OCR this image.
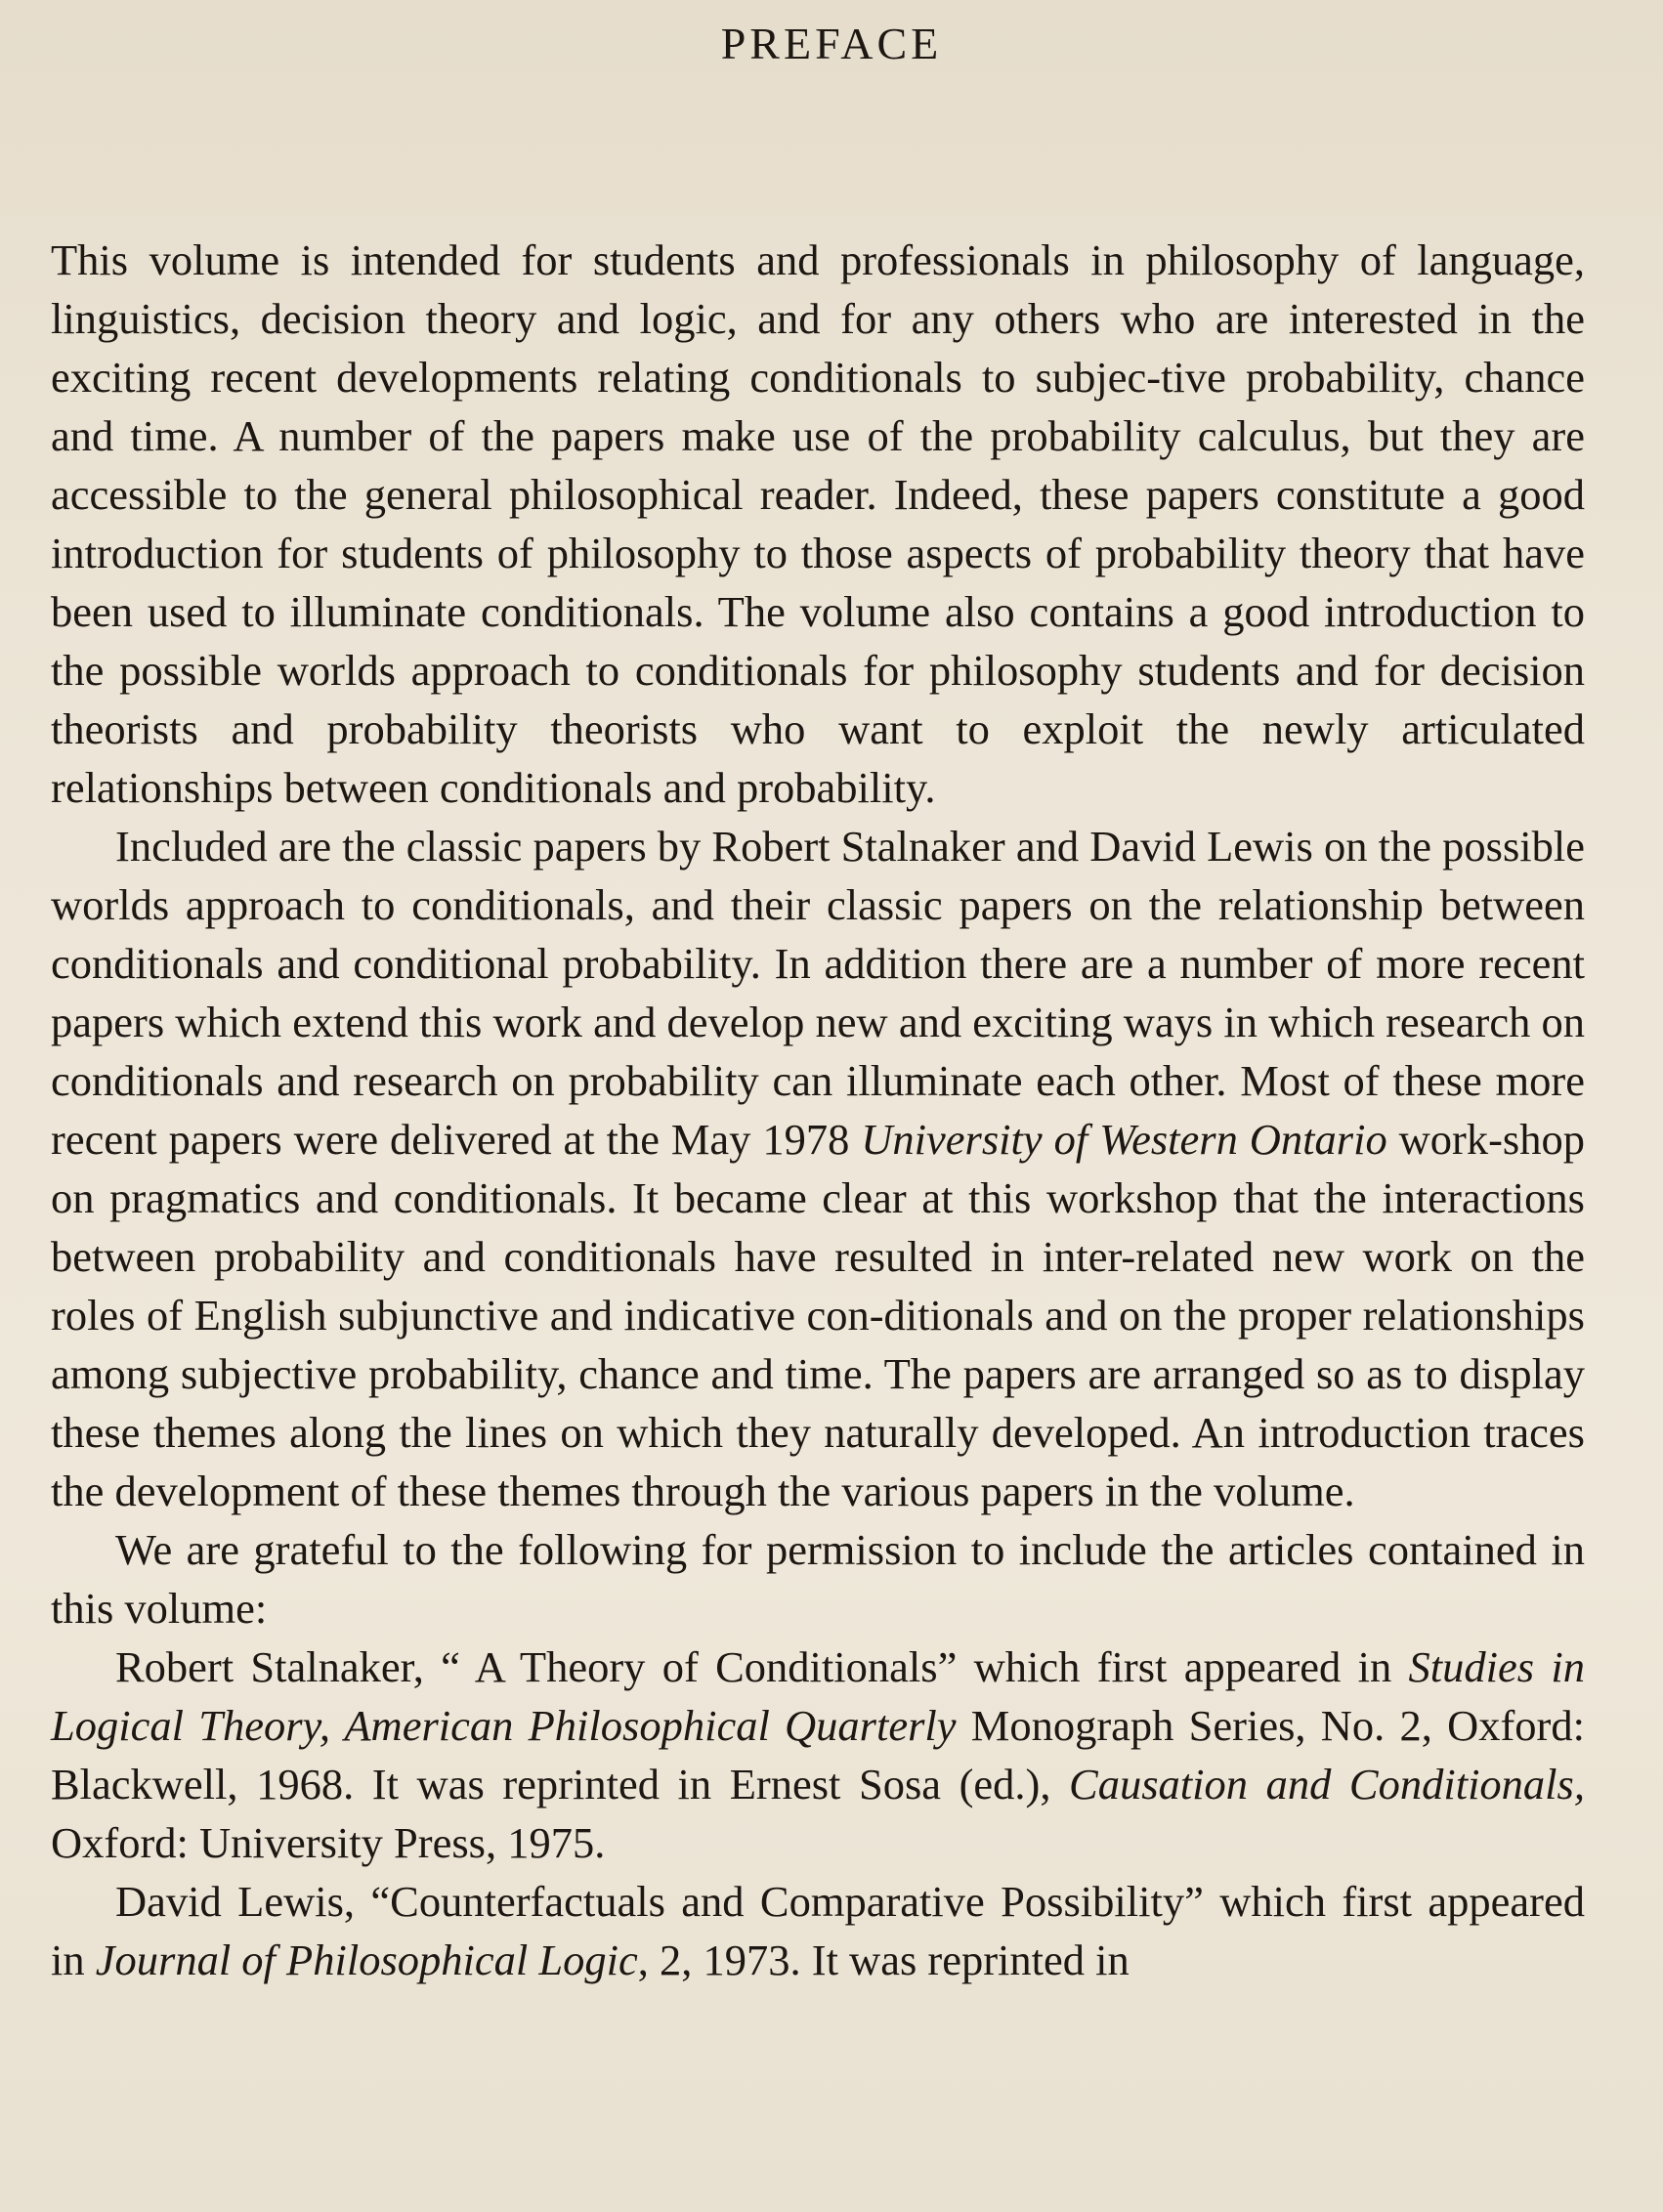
PREFACE

This volume is intended for students and professionals in philosophy of language, linguistics, decision theory and logic, and for any others who are interested in the exciting recent developments relating conditionals to subjec-tive probability, chance and time. A number of the papers make use of the probability calculus, but they are accessible to the general philosophical reader. Indeed, these papers constitute a good introduction for students of philosophy to those aspects of probability theory that have been used to illuminate conditionals. The volume also contains a good introduction to the possible worlds approach to conditionals for philosophy students and for decision theorists and probability theorists who want to exploit the newly articulated relationships between conditionals and probability.

Included are the classic papers by Robert Stalnaker and David Lewis on the possible worlds approach to conditionals, and their classic papers on the relationship between conditionals and conditional probability. In addition there are a number of more recent papers which extend this work and develop new and exciting ways in which research on conditionals and research on probability can illuminate each other. Most of these more recent papers were delivered at the May 1978 University of Western Ontario work-shop on pragmatics and conditionals. It became clear at this workshop that the interactions between probability and conditionals have resulted in inter-related new work on the roles of English subjunctive and indicative con-ditionals and on the proper relationships among subjective probability, chance and time. The papers are arranged so as to display these themes along the lines on which they naturally developed. An introduction traces the development of these themes through the various papers in the volume.

We are grateful to the following for permission to include the articles contained in this volume:

Robert Stalnaker, “ A Theory of Conditionals” which first appeared in Studies in Logical Theory, American Philosophical Quarterly Monograph Series, No. 2, Oxford: Blackwell, 1968. It was reprinted in Ernest Sosa (ed.), Causation and Conditionals, Oxford: University Press, 1975.

David Lewis, “Counterfactuals and Comparative Possibility” which first appeared in Journal of Philosophical Logic, 2, 1973. It was reprinted in
